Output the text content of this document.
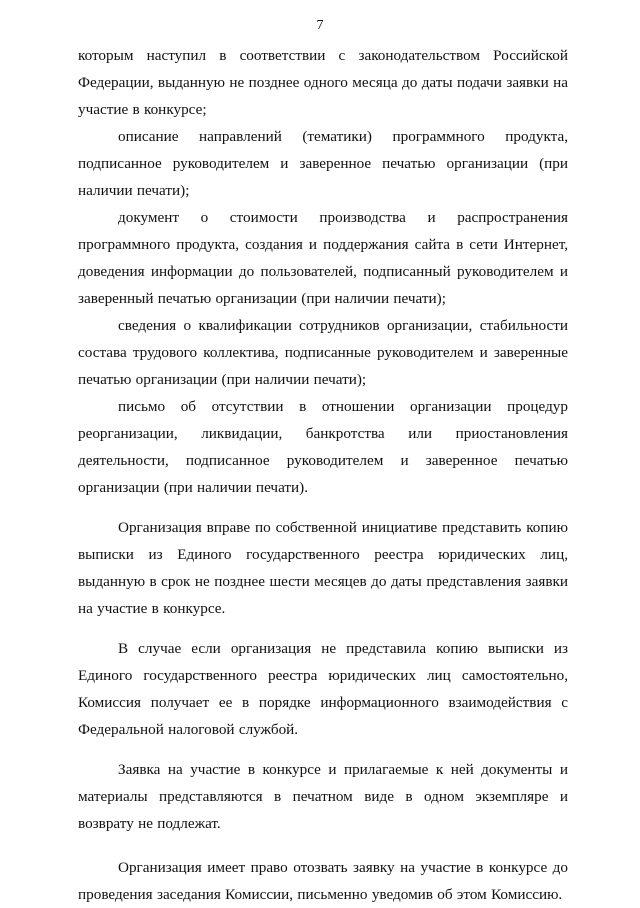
7

которым наступил в соответствии с законодательством Российской Федерации, выданную не позднее одного месяца до даты подачи заявки на участие в конкурсе;

описание направлений (тематики) программного продукта, подписанное руководителем и заверенное печатью организации (при наличии печати);

документ о стоимости производства и распространения программного продукта, создания и поддержания сайта в сети Интернет, доведения информации до пользователей, подписанный руководителем и заверенный печатью организации (при наличии печати);

сведения о квалификации сотрудников организации, стабильности состава трудового коллектива, подписанные руководителем и заверенные печатью организации (при наличии печати);

письмо об отсутствии в отношении организации процедур реорганизации, ликвидации, банкротства или приостановления деятельности, подписанное руководителем и заверенное печатью организации (при наличии печати).

Организация вправе по собственной инициативе представить копию выписки из Единого государственного реестра юридических лиц, выданную в срок не позднее шести месяцев до даты представления заявки на участие в конкурсе.

В случае если организация не представила копию выписки из Единого государственного реестра юридических лиц самостоятельно, Комиссия получает ее в порядке информационного взаимодействия с Федеральной налоговой службой.

Заявка на участие в конкурсе и прилагаемые к ней документы и материалы представляются в печатном виде в одном экземпляре и возврату не подлежат.

Организация имеет право отозвать заявку на участие в конкурсе до проведения заседания Комиссии, письменно уведомив об этом Комиссию.
